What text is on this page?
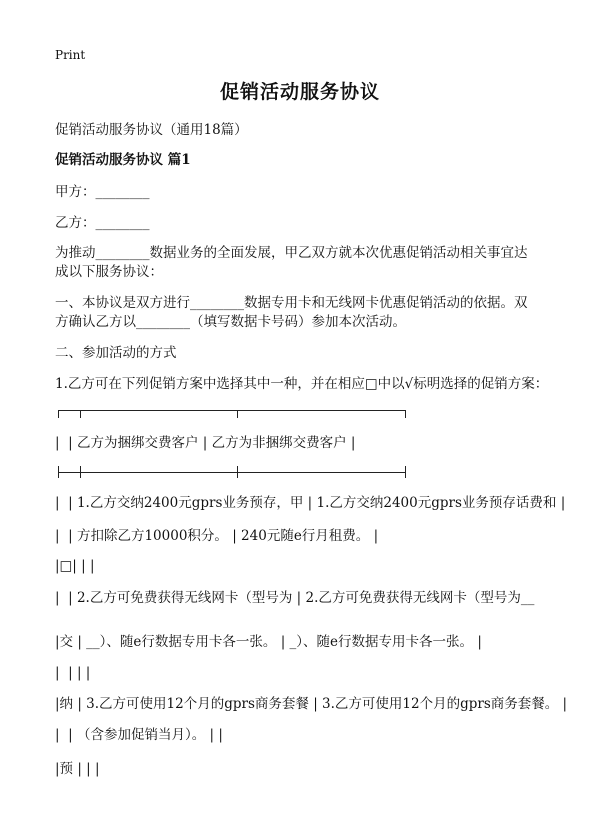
Print
促销活动服务协议
促销活动服务协议（通用18篇）
促销活动服务协议 篇1
甲方：________
乙方：________
为推动________数据业务的全面发展，甲乙双方就本次优惠促销活动相关事宜达
成以下服务协议：
一、本协议是双方进行________数据专用卡和无线网卡优惠促销活动的依据。双
方确认乙方以________（填写数据卡号码）参加本次活动。
二、参加活动的方式
1.乙方可在下列促销方案中选择其中一种，并在相应□中以√标明选择的促销方案：
|  | 乙方为捆绑交费客户 | 乙方为非捆绑交费客户 |
|  | 1.乙方交纳2400元gprs业务预存，甲 | 1.乙方交纳2400元gprs业务预存话费和 |
|  | 方扣除乙方10000积分。 | 240元随e行月租费。 |
|□| | |
|  | 2.乙方可免费获得无线网卡（型号为 | 2.乙方可免费获得无线网卡（型号为__
|交 | __）、随e行数据专用卡各一张。 | _）、随e行数据专用卡各一张。 |
|  | | |
|纳 | 3.乙方可使用12个月的gprs商务套餐 | 3.乙方可使用12个月的gprs商务套餐。 |
|  | （含参加促销当月）。 | |
|预 | | |
